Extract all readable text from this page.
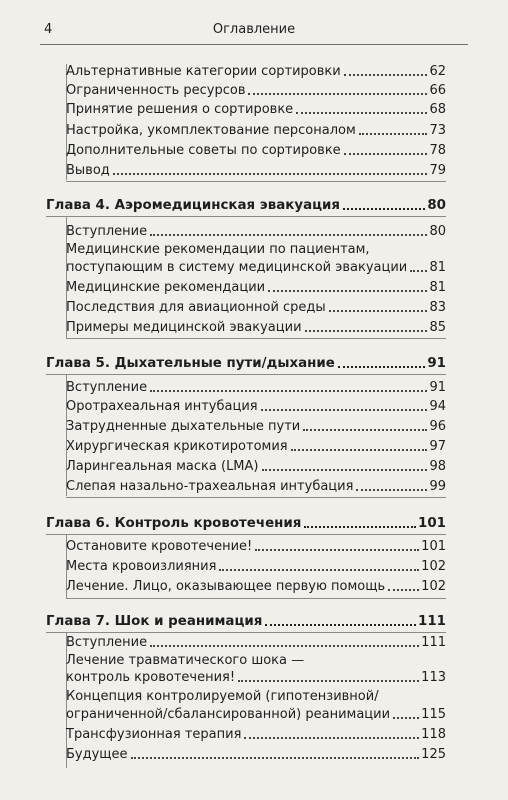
4	Оглавление
Альтернативные категории сортировки	62
Ограниченность ресурсов	66
Принятие решения о сортировке	68
Настройка, укомплектование персоналом	73
Дополнительные советы по сортировке	78
Вывод	79
Глава 4. Аэромедицинская эвакуация	80
Вступление	80
Медицинские рекомендации по пациентам,
поступающим в систему медицинской эвакуации 81
Медицинские рекомендации	81
Последствия для авиационной среды	83
Примеры медицинской эвакуации	85
Глава 5. Дыхательные пути/дыхание	91
Вступление	91
Оротрахеальная интубация	94
Затрудненные дыхательные пути	96
Хирургическая крикотиротомия	97
Ларингеальная маска (LMA)	98
Слепая назально-трахеальная интубация	99
Глава 6. Контроль кровотечения	101
Остановите кровотечение!	101
Места кровоизлияния	102
Лечение. Лицо, оказывающее первую помощь	102
Глава 7. Шок и реанимация	111
Вступление	111
Лечение травматического шока —
контроль кровотечения!	113
Концепция контролируемой (гипотензивной/
ограниченной/сбалансированной) реанимации 115
Трансфузионная терапия	118
Будущее	125
